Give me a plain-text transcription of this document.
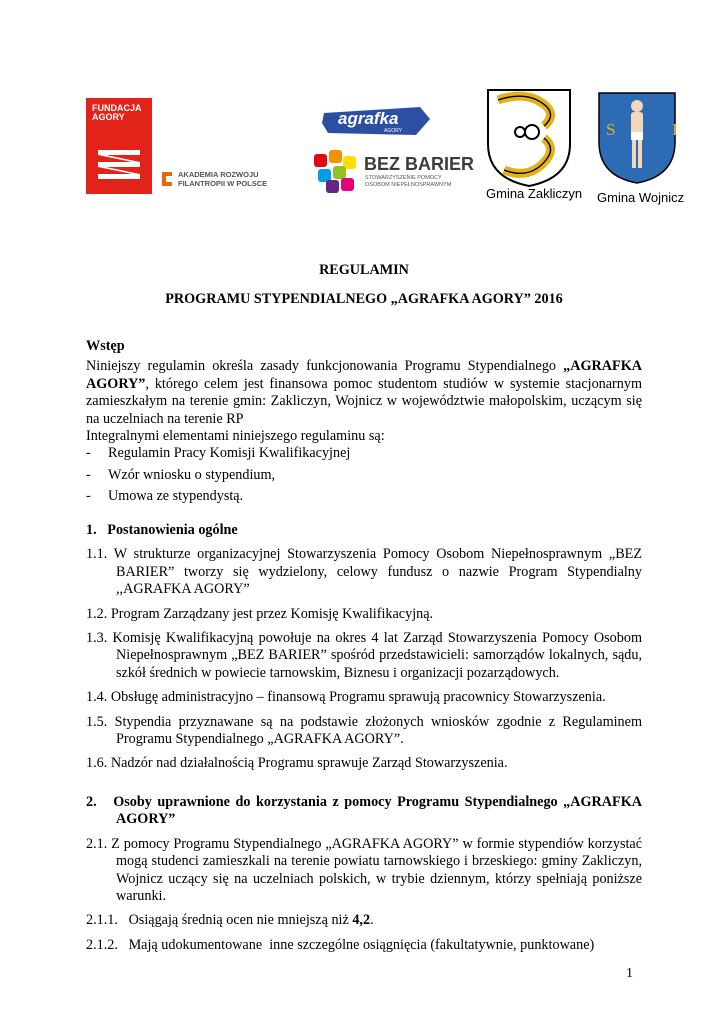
FUNDACJA
AGORY
AKADEMIA ROZWOJU
FILANTROPII W POLSCE
agrafka
AGORY
BEZ BARIER
STOWARZYSZENIE POMOCY
OSOBOM NIEPEŁNOSPRAWNYM
Gmina Zakliczyn
S  I
Gmina Wojnicz

REGULAMIN

PROGRAMU STYPENDIALNEGO „AGRAFKA AGORY” 2016

Wstęp

Niniejszy regulamin określa zasady funkcjonowania Programu Stypendialnego „AGRAFKA AGORY”, którego celem jest finansowa pomoc studentom studiów w systemie stacjonarnym zamieszkałym na terenie gmin: Zakliczyn, Wojnicz w województwie małopolskim, uczącym się na uczelniach na terenie RP

Integralnymi elementami niniejszego regulaminu są:

- Regulamin Pracy Komisji Kwalifikacyjnej

- Wzór wniosku o stypendium,

- Umowa ze stypendystą.

1.   Postanowienia ogólne

1.1. W strukturze organizacyjnej Stowarzyszenia Pomocy Osobom Niepełnosprawnym „BEZ BARIER” tworzy się wydzielony, celowy fundusz o nazwie Program Stypendialny ,,AGRAFKA AGORY”

1.2. Program Zarządzany jest przez Komisję Kwalifikacyjną.

1.3. Komisję Kwalifikacyjną powołuje na okres 4 lat Zarząd Stowarzyszenia Pomocy Osobom Niepełnosprawnym „BEZ BARIER” spośród przedstawicieli: samorządów lokalnych, sądu, szkół średnich w powiecie tarnowskim, Biznesu i organizacji pozarządowych.

1.4. Obsługę administracyjno – finansową Programu sprawują pracownicy Stowarzyszenia.

1.5. Stypendia przyznawane są na podstawie złożonych wniosków zgodnie z Regulaminem Programu Stypendialnego „AGRAFKA AGORY”.

1.6. Nadzór nad działalnością Programu sprawuje Zarząd Stowarzyszenia.

2.   Osoby uprawnione do korzystania z pomocy Programu Stypendialnego „AGRAFKA AGORY”

2.1. Z pomocy Programu Stypendialnego „AGRAFKA AGORY” w formie stypendiów korzystać mogą studenci zamieszkali na terenie powiatu tarnowskiego i brzeskiego: gminy Zakliczyn, Wojnicz uczący się na uczelniach polskich, w trybie dziennym, którzy spełniają poniższe warunki.

2.1.1.   Osiągają średnią ocen nie mniejszą niż 4,2.

2.1.2.   Mają udokumentowane  inne szczególne osiągnięcia (fakultatywnie, punktowane)

1
